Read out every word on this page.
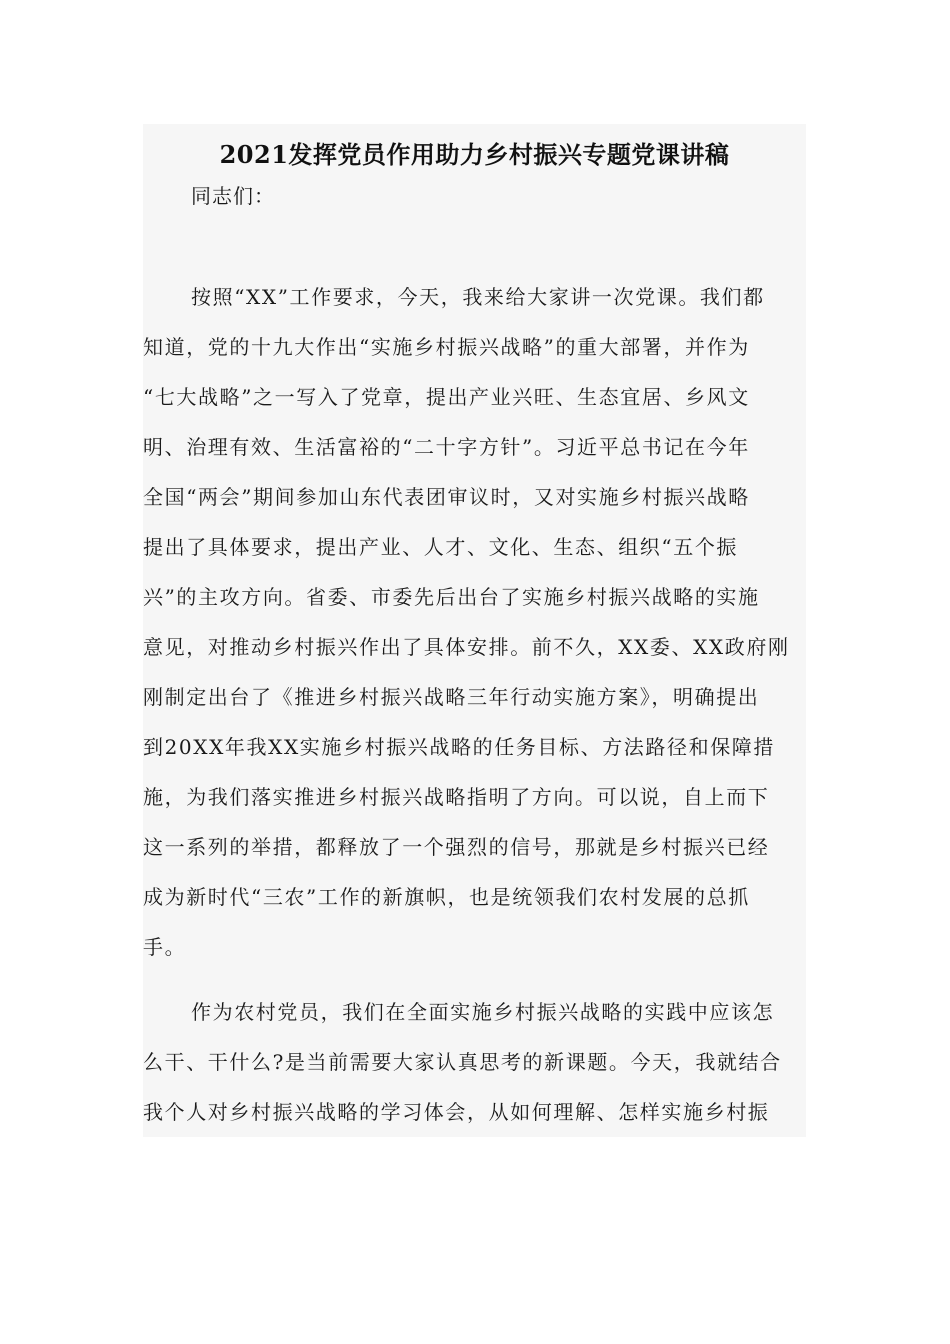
2021发挥党员作用助力乡村振兴专题党课讲稿
同志们：
按照“XX”工作要求，今天，我来给大家讲一次党课。我们都
知道，党的十九大作出“实施乡村振兴战略”的重大部署，并作为
“七大战略”之一写入了党章，提出产业兴旺、生态宜居、乡风文
明、治理有效、生活富裕的“二十字方针”。习近平总书记在今年
全国“两会”期间参加山东代表团审议时，又对实施乡村振兴战略
提出了具体要求，提出产业、人才、文化、生态、组织“五个振
兴”的主攻方向。省委、市委先后出台了实施乡村振兴战略的实施
意见，对推动乡村振兴作出了具体安排。前不久，XX委、XX政府刚
刚制定出台了《推进乡村振兴战略三年行动实施方案》，明确提出
到20XX年我XX实施乡村振兴战略的任务目标、方法路径和保障措
施，为我们落实推进乡村振兴战略指明了方向。可以说，自上而下
这一系列的举措，都释放了一个强烈的信号，那就是乡村振兴已经
成为新时代“三农”工作的新旗帜，也是统领我们农村发展的总抓
手。
作为农村党员，我们在全面实施乡村振兴战略的实践中应该怎
么干、干什么?是当前需要大家认真思考的新课题。今天，我就结合
我个人对乡村振兴战略的学习体会，从如何理解、怎样实施乡村振
